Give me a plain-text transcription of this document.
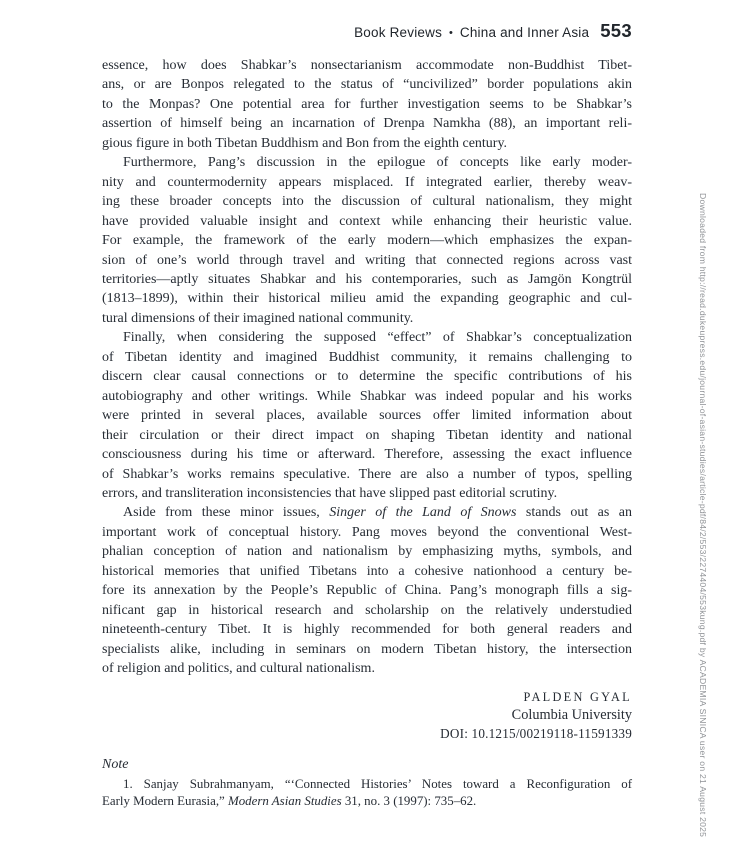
Book Reviews • China and Inner Asia 553
essence, how does Shabkar’s nonsectarianism accommodate non-Buddhist Tibet-
ans, or are Bonpos relegated to the status of “uncivilized” border populations akin
to the Monpas? One potential area for further investigation seems to be Shabkar’s
assertion of himself being an incarnation of Drenpa Namkha (88), an important reli-
gious figure in both Tibetan Buddhism and Bon from the eighth century.
Furthermore, Pang’s discussion in the epilogue of concepts like early moder-
nity and countermodernity appears misplaced. If integrated earlier, thereby weav-
ing these broader concepts into the discussion of cultural nationalism, they might
have provided valuable insight and context while enhancing their heuristic value.
For example, the framework of the early modern—which emphasizes the expan-
sion of one’s world through travel and writing that connected regions across vast
territories—aptly situates Shabkar and his contemporaries, such as Jamgön Kongtrül
(1813–1899), within their historical milieu amid the expanding geographic and cul-
tural dimensions of their imagined national community.
Finally, when considering the supposed “effect” of Shabkar’s conceptualization
of Tibetan identity and imagined Buddhist community, it remains challenging to
discern clear causal connections or to determine the specific contributions of his
autobiography and other writings. While Shabkar was indeed popular and his works
were printed in several places, available sources offer limited information about
their circulation or their direct impact on shaping Tibetan identity and national
consciousness during his time or afterward. Therefore, assessing the exact influence
of Shabkar’s works remains speculative. There are also a number of typos, spelling
errors, and transliteration inconsistencies that have slipped past editorial scrutiny.
Aside from these minor issues, Singer of the Land of Snows stands out as an
important work of conceptual history. Pang moves beyond the conventional West-
phalian conception of nation and nationalism by emphasizing myths, symbols, and
historical memories that unified Tibetans into a cohesive nationhood a century be-
fore its annexation by the People’s Republic of China. Pang’s monograph fills a sig-
nificant gap in historical research and scholarship on the relatively understudied
nineteenth-century Tibet. It is highly recommended for both general readers and
specialists alike, including in seminars on modern Tibetan history, the intersection
of religion and politics, and cultural nationalism.
PALDEN GYAL
Columbia University
DOI: 10.1215/00219118-11591339
Note
1. Sanjay Subrahmanyam, “‘Connected Histories’ Notes toward a Reconfiguration of
Early Modern Eurasia,” Modern Asian Studies 31, no. 3 (1997): 735–62.	Downloaded from http://read.dukeupress.edu/journal-of-asian-studies/article-pdf/84/2/553/2274404/553kung.pdf by ACADEMIA SINICA user on 21 August 2025
